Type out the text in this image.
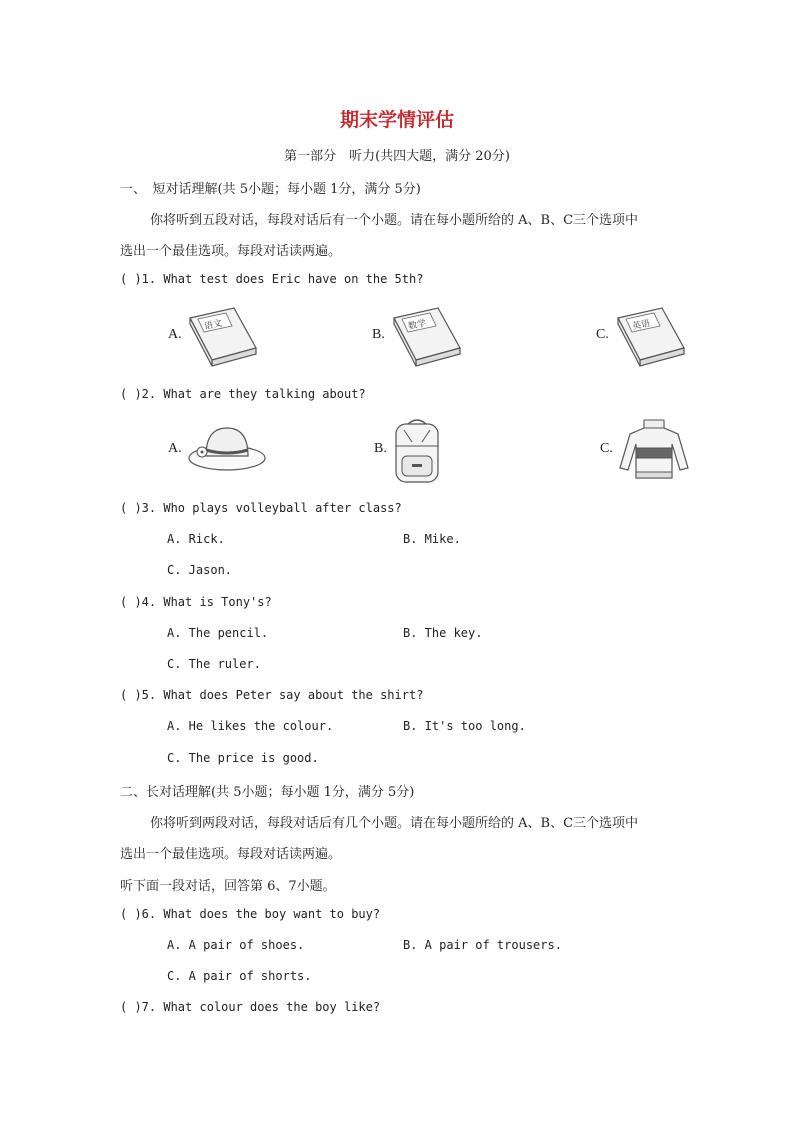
期末学情评估
第一部分　听力(共四大题，满分 20分)
一、　短对话理解(共 5小题；每小题 1分，满分 5分)
你将听到五段对话，每段对话后有一个小题。请在每小题所给的 A、B、C三个选项中
选出一个最佳选项。每段对话读两遍。
( )1. What test does Eric have on the 5th?
A.
语文
B.
数学
C.
英语
( )2. What are they talking about?
A.	B.	C.
( )3. Who plays volleyball after class?
A. Rick.	B. Mike.
C. Jason.
( )4. What is Tony's?
A. The pencil.	B. The key.
C. The ruler.
( )5. What does Peter say about the shirt?
A. He likes the colour.	B. It's too long.
C. The price is good.
二、长对话理解(共 5小题；每小题 1分，满分 5分)
你将听到两段对话，每段对话后有几个小题。请在每小题所给的 A、B、C三个选项中
选出一个最佳选项。每段对话读两遍。
听下面一段对话，回答第 6、7小题。
( )6. What does the boy want to buy?
A. A pair of shoes.	B. A pair of trousers.
C. A pair of shorts.
( )7. What colour does the boy like?
